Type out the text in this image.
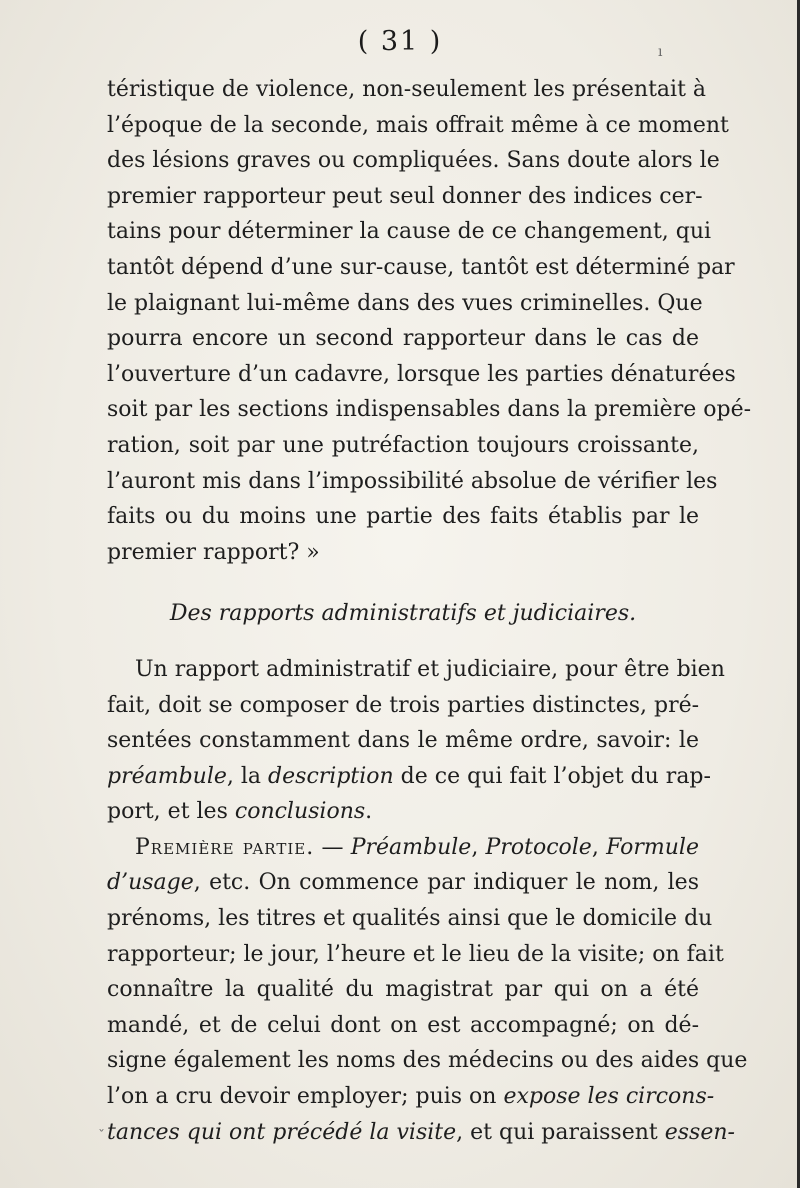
( 31 )
téristique de violence, non-seulement les présentait à
l’époque de la seconde, mais offrait même à ce moment
des lésions graves ou compliquées. Sans doute alors le
premier rapporteur peut seul donner des indices cer-
tains pour déterminer la cause de ce changement, qui
tantôt dépend d’une sur-cause, tantôt est déterminé par
le plaignant lui-même dans des vues criminelles. Que
pourra encore un second rapporteur dans le cas de
l’ouverture d’un cadavre, lorsque les parties dénaturées
soit par les sections indispensables dans la première opé-
ration, soit par une putréfaction toujours croissante,
l’auront mis dans l’impossibilité absolue de vérifier les
faits ou du moins une partie des faits établis par le
premier rapport? »
Des rapports administratifs et judiciaires.
Un rapport administratif et judiciaire, pour être bien
fait, doit se composer de trois parties distinctes, pré-
sentées constamment dans le même ordre, savoir: le
préambule, la description de ce qui fait l’objet du rap-
port, et les conclusions.
Première partie. — Préambule, Protocole, Formule
d’usage, etc. On commence par indiquer le nom, les
prénoms, les titres et qualités ainsi que le domicile du
rapporteur; le jour, l’heure et le lieu de la visite; on fait
connaître la qualité du magistrat par qui on a été
mandé, et de celui dont on est accompagné; on dé-
signe également les noms des médecins ou des aides que
l’on a cru devoir employer; puis on expose les circons-
tances qui ont précédé la visite, et qui paraissent essen-
ı
ˇ
